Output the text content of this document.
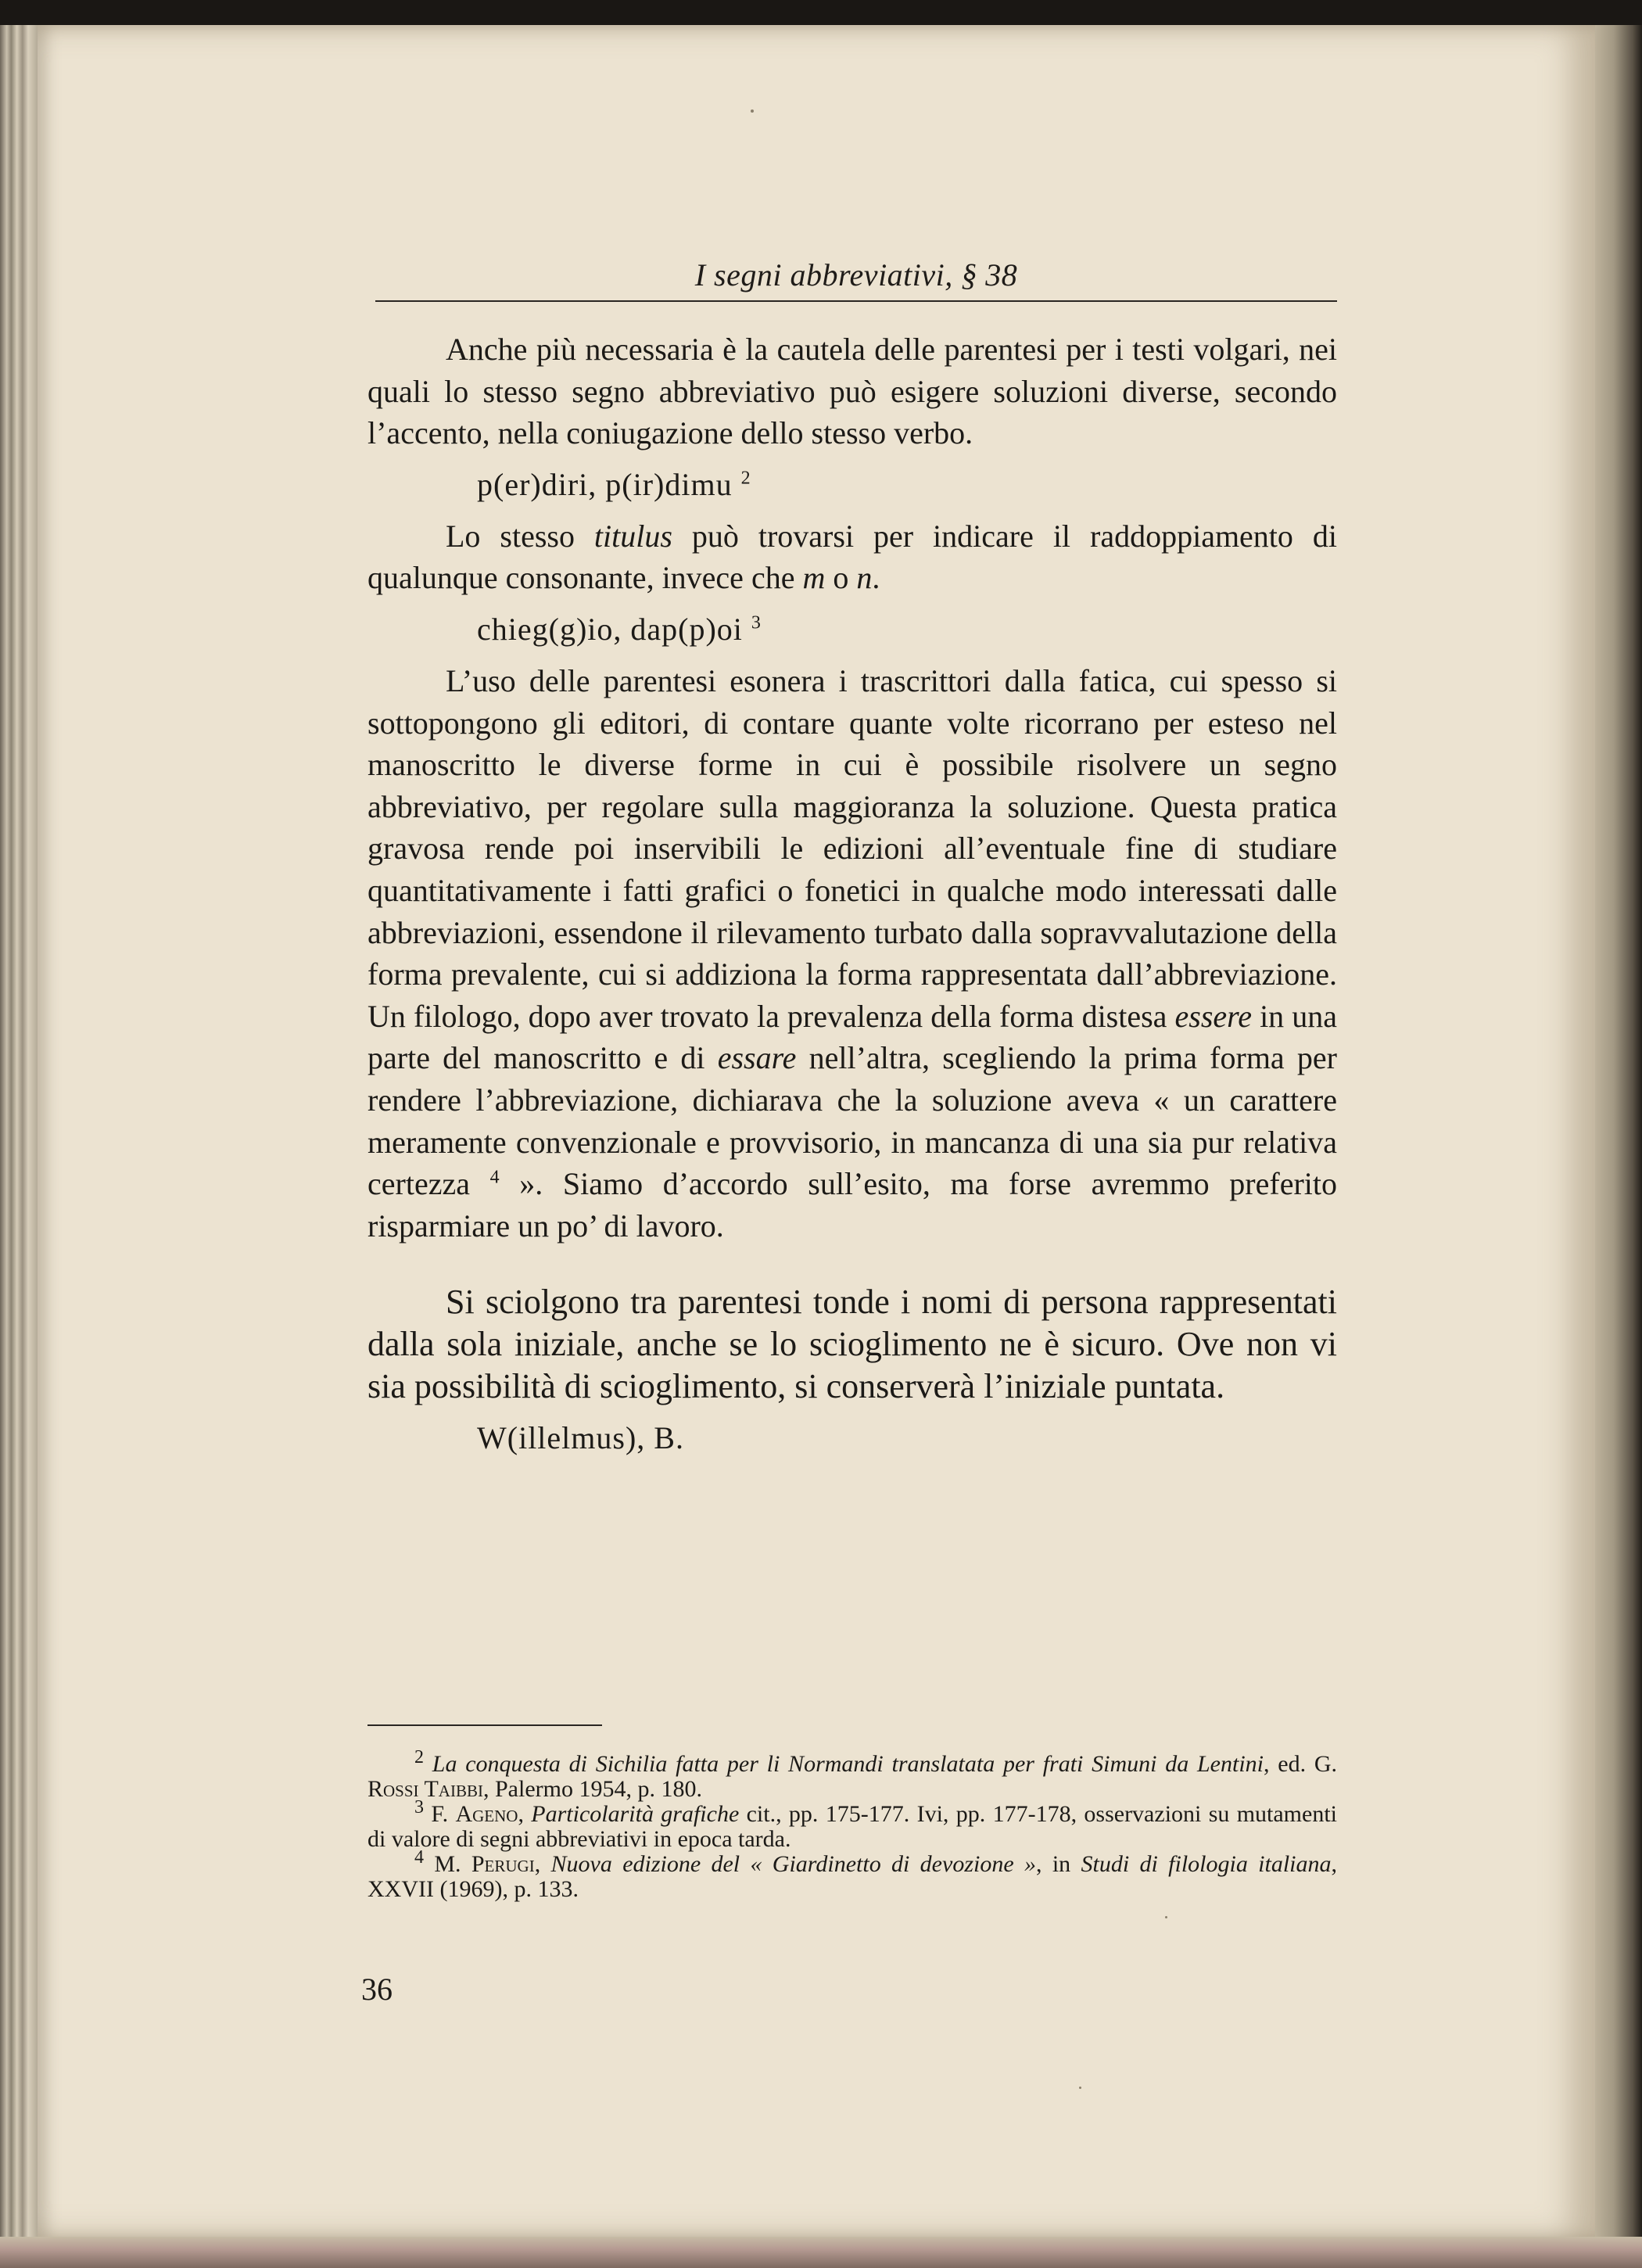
I segni abbreviativi, § 38

Anche più necessaria è la cautela delle parentesi per i testi volgari, nei quali lo stesso segno abbreviativo può esigere soluzioni diverse, secondo l’accento, nella coniugazione dello stesso verbo.

p(er)diri, p(ir)dimu $^2$

Lo stesso titulus può trovarsi per indicare il raddoppiamento di qualunque consonante, invece che m o n.

chieg(g)io, dap(p)oi $^3$

L’uso delle parentesi esonera i trascrittori dalla fatica, cui spesso si sottopongono gli editori, di contare quante volte ricorrano per esteso nel manoscritto le diverse forme in cui è possibile risolvere un segno abbreviativo, per regolare sulla maggioranza la soluzione. Questa pratica gravosa rende poi inservibili le edizioni all’eventuale fine di studiare quantitativamente i fatti grafici o fonetici in qualche modo interessati dalle abbreviazioni, essendone il rilevamento turbato dalla sopravvalutazione della forma prevalente, cui si addiziona la forma rappresentata dall’abbreviazione. Un filologo, dopo aver trovato la prevalenza della forma distesa essere in una parte del manoscritto e di essare nell’altra, scegliendo la prima forma per rendere l’abbreviazione, dichiarava che la soluzione aveva « un carattere meramente convenzionale e provvisorio, in mancanza di una sia pur relativa certezza $^4$ ». Siamo d’accordo sull’esito, ma forse avremmo preferito risparmiare un po’ di lavoro.

Si sciolgono tra parentesi tonde i nomi di persona rappresentati dalla sola iniziale, anche se lo scioglimento ne è sicuro. Ove non vi sia possibilità di scioglimento, si conserverà l’iniziale puntata.

W(illelmus), B.

$^2$ La conquesta di Sichilia fatta per li Normandi translatata per frati Simuni da Lentini, ed. G. Rossi Taibbi, Palermo 1954, p. 180.

$^3$ F. Ageno, Particolarità grafiche cit., pp. 175-177. Ivi, pp. 177-178, osservazioni su mutamenti di valore di segni abbreviativi in epoca tarda.

$^4$ M. Perugi, Nuova edizione del « Giardinetto di devozione », in Studi di filologia italiana, XXVII (1969), p. 133.

36
